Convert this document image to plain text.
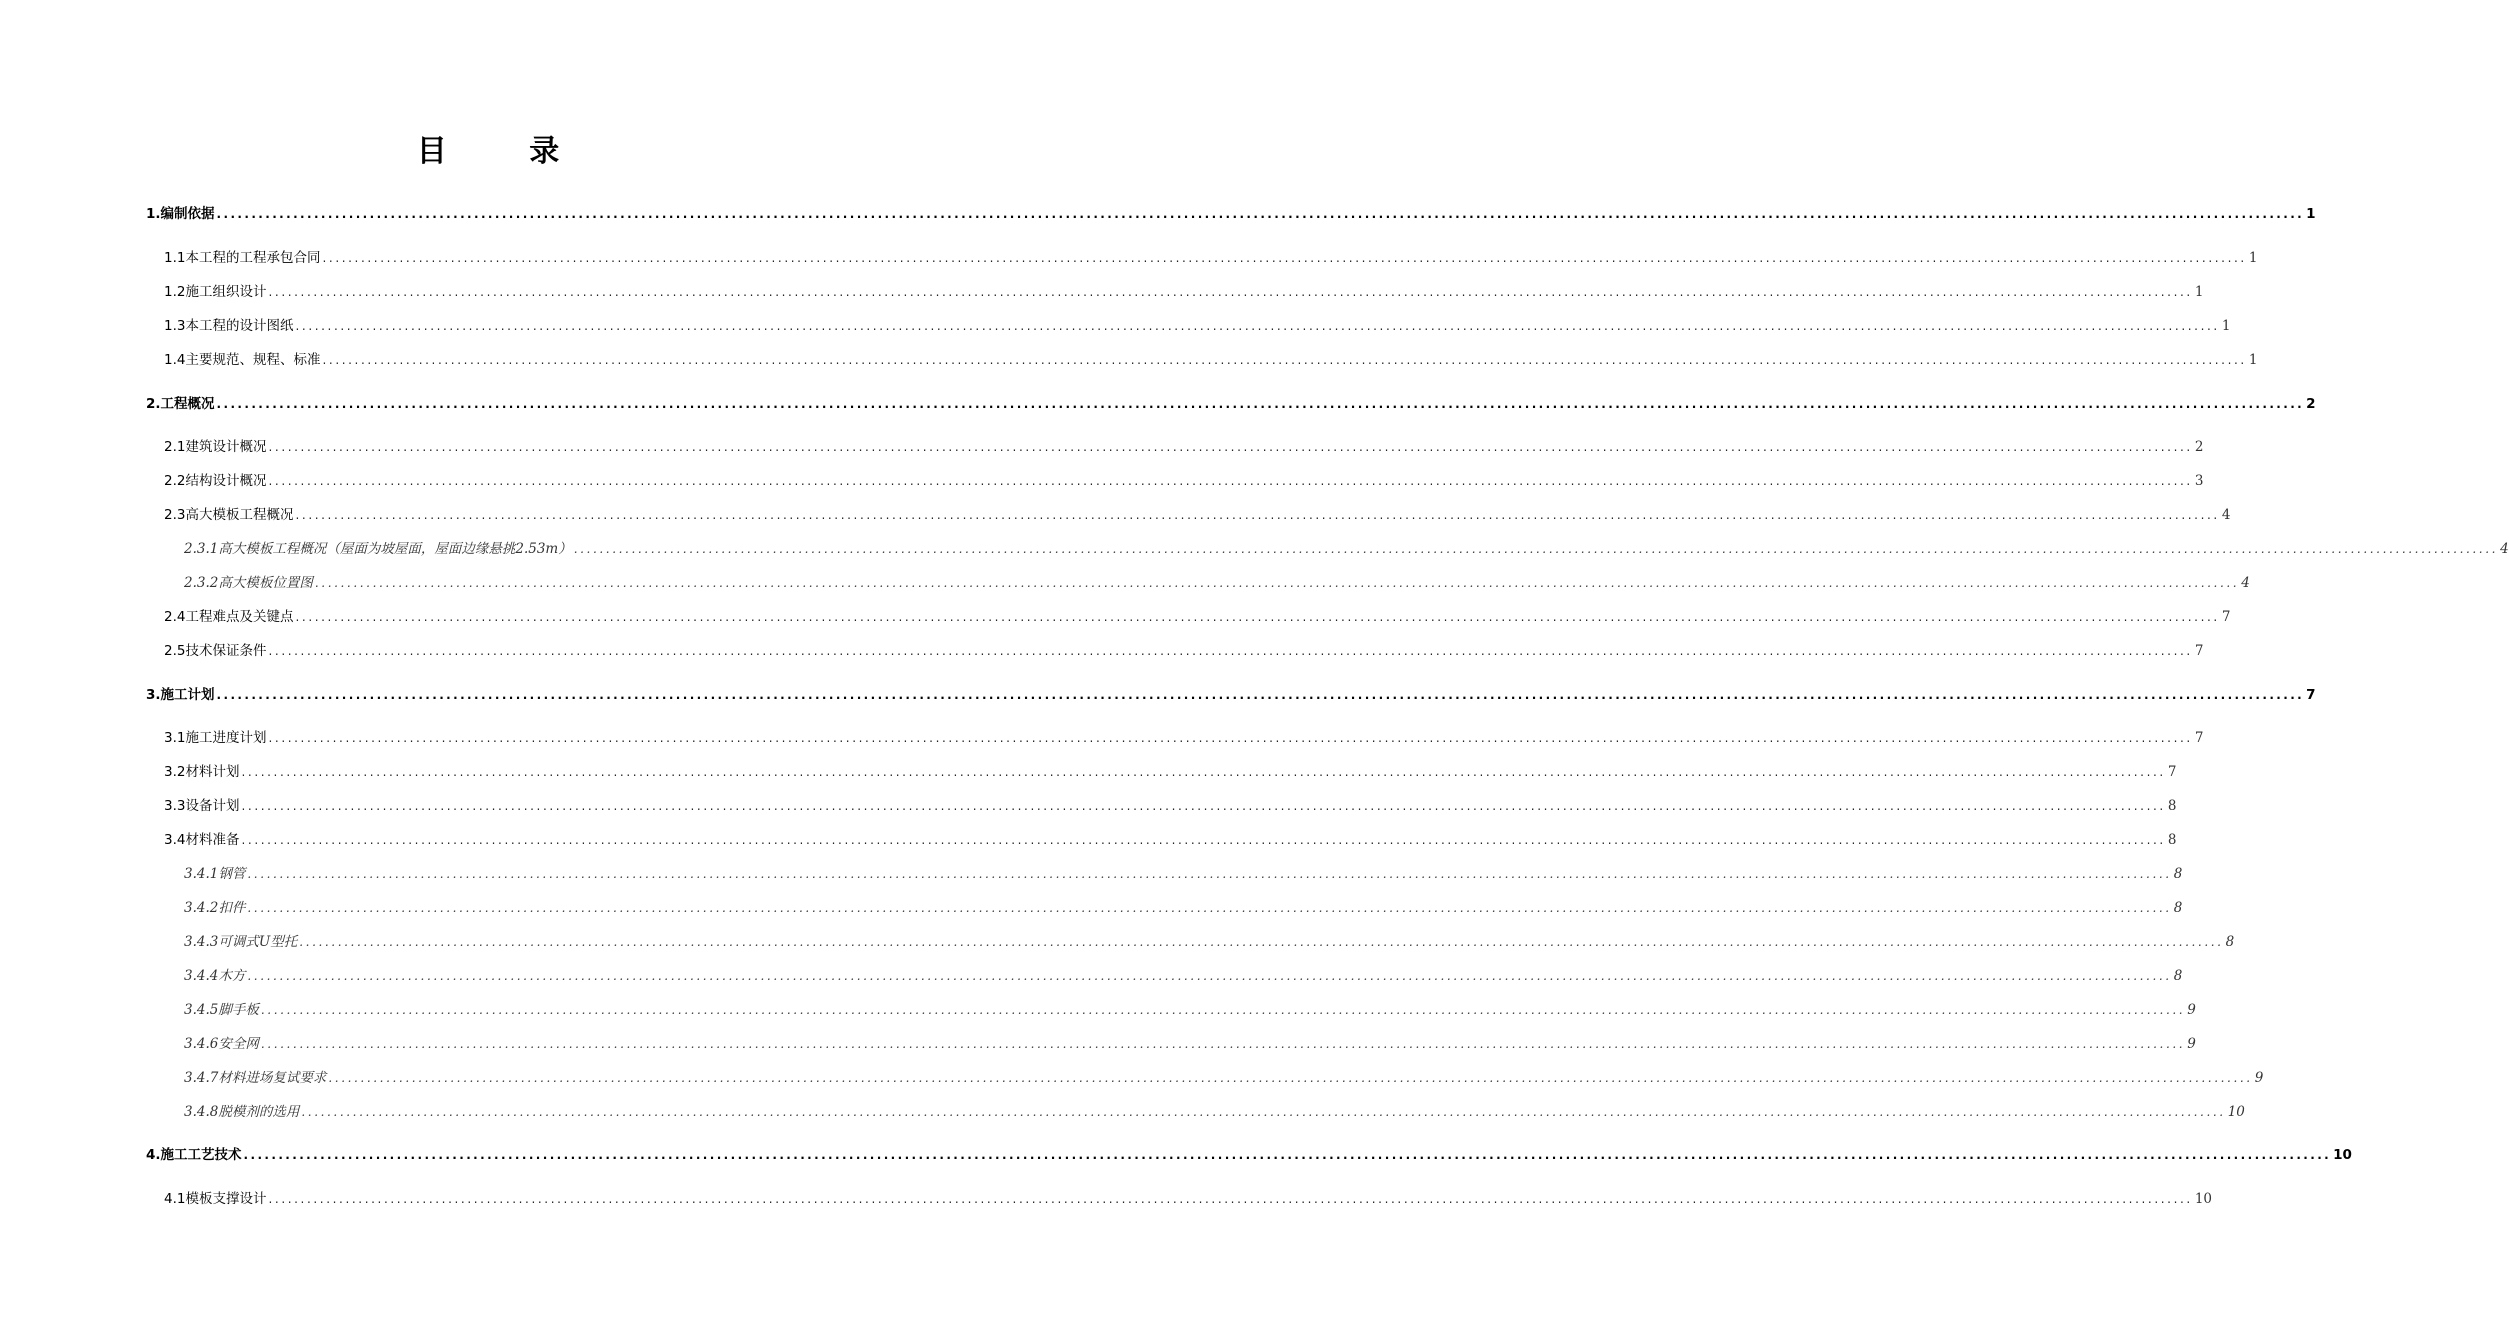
目 录
1.编制依据 ............................................................................................................................................................................................................................................................................................................ 1
1.1本工程的工程承包合同 ............................................................................................................................................................................................................................................................................................................ 1
1.2施工组织设计 ............................................................................................................................................................................................................................................................................................................ 1
1.3本工程的设计图纸 ............................................................................................................................................................................................................................................................................................................ 1
1.4主要规范、规程、标准 ............................................................................................................................................................................................................................................................................................................ 1
2.工程概况 ............................................................................................................................................................................................................................................................................................................ 2
2.1建筑设计概况 ............................................................................................................................................................................................................................................................................................................ 2
2.2结构设计概况 ............................................................................................................................................................................................................................................................................................................ 3
2.3高大模板工程概况 ............................................................................................................................................................................................................................................................................................................ 4
2.3.1高大模板工程概况（屋面为坡屋面，屋面边缘悬挑2.53m） ............................................................................................................................................................................................................................................................................................................ 4
2.3.2高大模板位置图 ............................................................................................................................................................................................................................................................................................................ 4
2.4工程难点及关键点 ............................................................................................................................................................................................................................................................................................................ 7
2.5技术保证条件 ............................................................................................................................................................................................................................................................................................................ 7
3.施工计划 ............................................................................................................................................................................................................................................................................................................ 7
3.1施工进度计划 ............................................................................................................................................................................................................................................................................................................ 7
3.2材料计划 ............................................................................................................................................................................................................................................................................................................ 7
3.3设备计划 ............................................................................................................................................................................................................................................................................................................ 8
3.4材料准备 ............................................................................................................................................................................................................................................................................................................ 8
3.4.1钢管 ............................................................................................................................................................................................................................................................................................................ 8
3.4.2扣件 ............................................................................................................................................................................................................................................................................................................ 8
3.4.3可调式U型托 ............................................................................................................................................................................................................................................................................................................ 8
3.4.4木方 ............................................................................................................................................................................................................................................................................................................ 8
3.4.5脚手板 ............................................................................................................................................................................................................................................................................................................ 9
3.4.6安全网 ............................................................................................................................................................................................................................................................................................................ 9
3.4.7材料进场复试要求 ............................................................................................................................................................................................................................................................................................................ 9
3.4.8脱模剂的选用 ............................................................................................................................................................................................................................................................................................................ 10
4.施工工艺技术 ............................................................................................................................................................................................................................................................................................................ 10
4.1模板支撑设计 ............................................................................................................................................................................................................................................................................................................ 10
